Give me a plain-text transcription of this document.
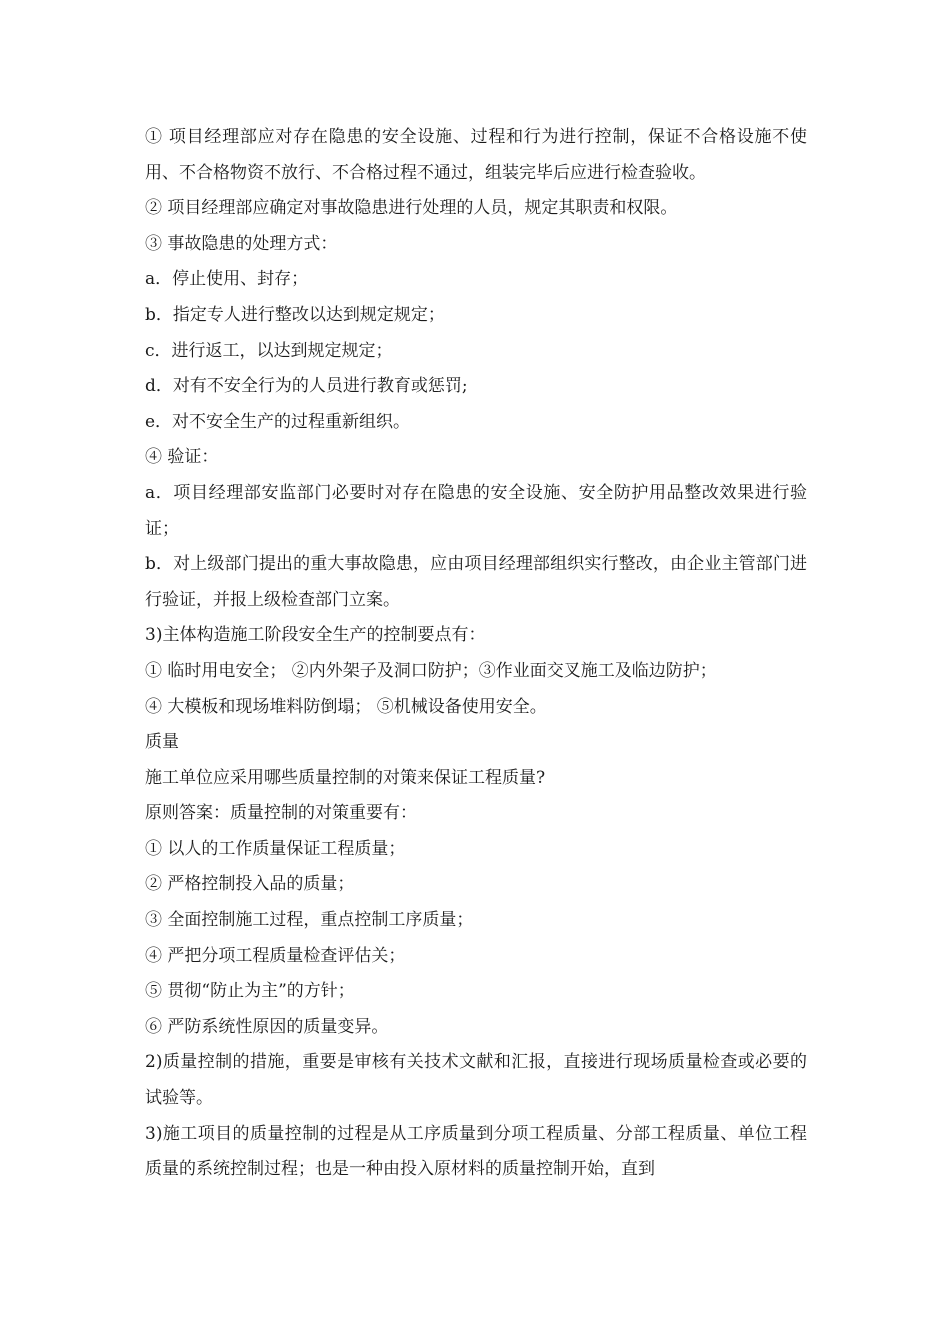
① 项目经理部应对存在隐患的安全设施、过程和行为进行控制，保证不合格设施不使用、不合格物资不放行、不合格过程不通过，组装完毕后应进行检查验收。

② 项目经理部应确定对事故隐患进行处理的人员，规定其职责和权限。

③ 事故隐患的处理方式：

a．停止使用、封存；

b．指定专人进行整改以达到规定规定；

c．进行返工，以达到规定规定；

d．对有不安全行为的人员进行教育或惩罚;

e．对不安全生产的过程重新组织。

④ 验证：

a．项目经理部安监部门必要时对存在隐患的安全设施、安全防护用品整改效果进行验证；

b．对上级部门提出的重大事故隐患，应由项目经理部组织实行整改，由企业主管部门进行验证，并报上级检查部门立案。

3)主体构造施工阶段安全生产的控制要点有：

① 临时用电安全； ②内外架子及洞口防护；③作业面交叉施工及临边防护；

④ 大模板和现场堆料防倒塌； ⑤机械设备使用安全。

质量

施工单位应采用哪些质量控制的对策来保证工程质量?

原则答案：质量控制的对策重要有：

① 以人的工作质量保证工程质量；

② 严格控制投入品的质量；

③ 全面控制施工过程，重点控制工序质量；

④ 严把分项工程质量检查评估关；

⑤ 贯彻“防止为主”的方针；

⑥ 严防系统性原因的质量变异。

2)质量控制的措施，重要是审核有关技术文献和汇报，直接进行现场质量检查或必要的试验等。

3)施工项目的质量控制的过程是从工序质量到分项工程质量、分部工程质量、单位工程质量的系统控制过程；也是一种由投入原材料的质量控制开始，直到
